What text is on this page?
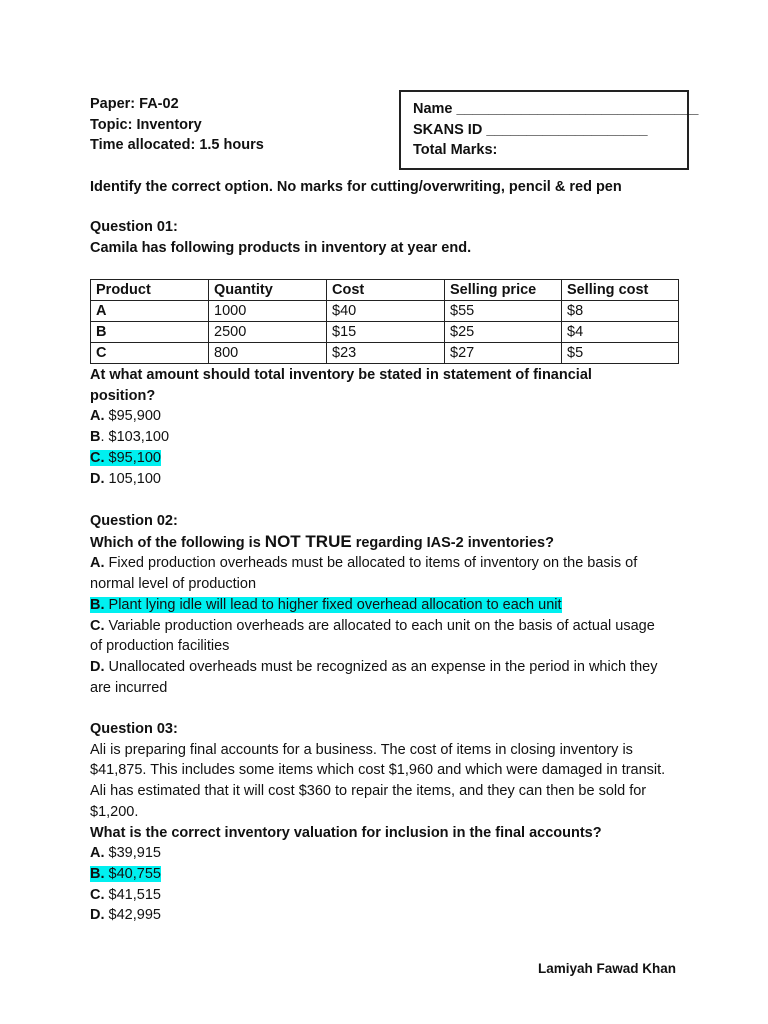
Paper: FA-02
Topic: Inventory
Time allocated: 1.5 hours
Name ______________________________
SKANS ID ____________________
Total Marks:
Identify the correct option. No marks for cutting/overwriting, pencil & red pen
Question 01:
Camila has following products in inventory at year end.
Product	Quantity	Cost	Selling price	Selling cost
A	1000	$40	$55	$8
B	2500	$15	$25	$4
C	800	$23	$27	$5
At what amount should total inventory be stated in statement of financial
position?
A. $95,900
B. $103,100
C. $95,100
D. 105,100
Question 02:
Which of the following is NOT TRUE regarding IAS-2 inventories?
A. Fixed production overheads must be allocated to items of inventory on the basis of
normal level of production
B. Plant lying idle will lead to higher fixed overhead allocation to each unit
C. Variable production overheads are allocated to each unit on the basis of actual usage
of production facilities
D. Unallocated overheads must be recognized as an expense in the period in which they
are incurred
Question 03:
Ali is preparing final accounts for a business. The cost of items in closing inventory is
$41,875. This includes some items which cost $1,960 and which were damaged in transit.
Ali has estimated that it will cost $360 to repair the items, and they can then be sold for
$1,200.
What is the correct inventory valuation for inclusion in the final accounts?
A. $39,915
B. $40,755
C. $41,515
D. $42,995
Lamiyah Fawad Khan
